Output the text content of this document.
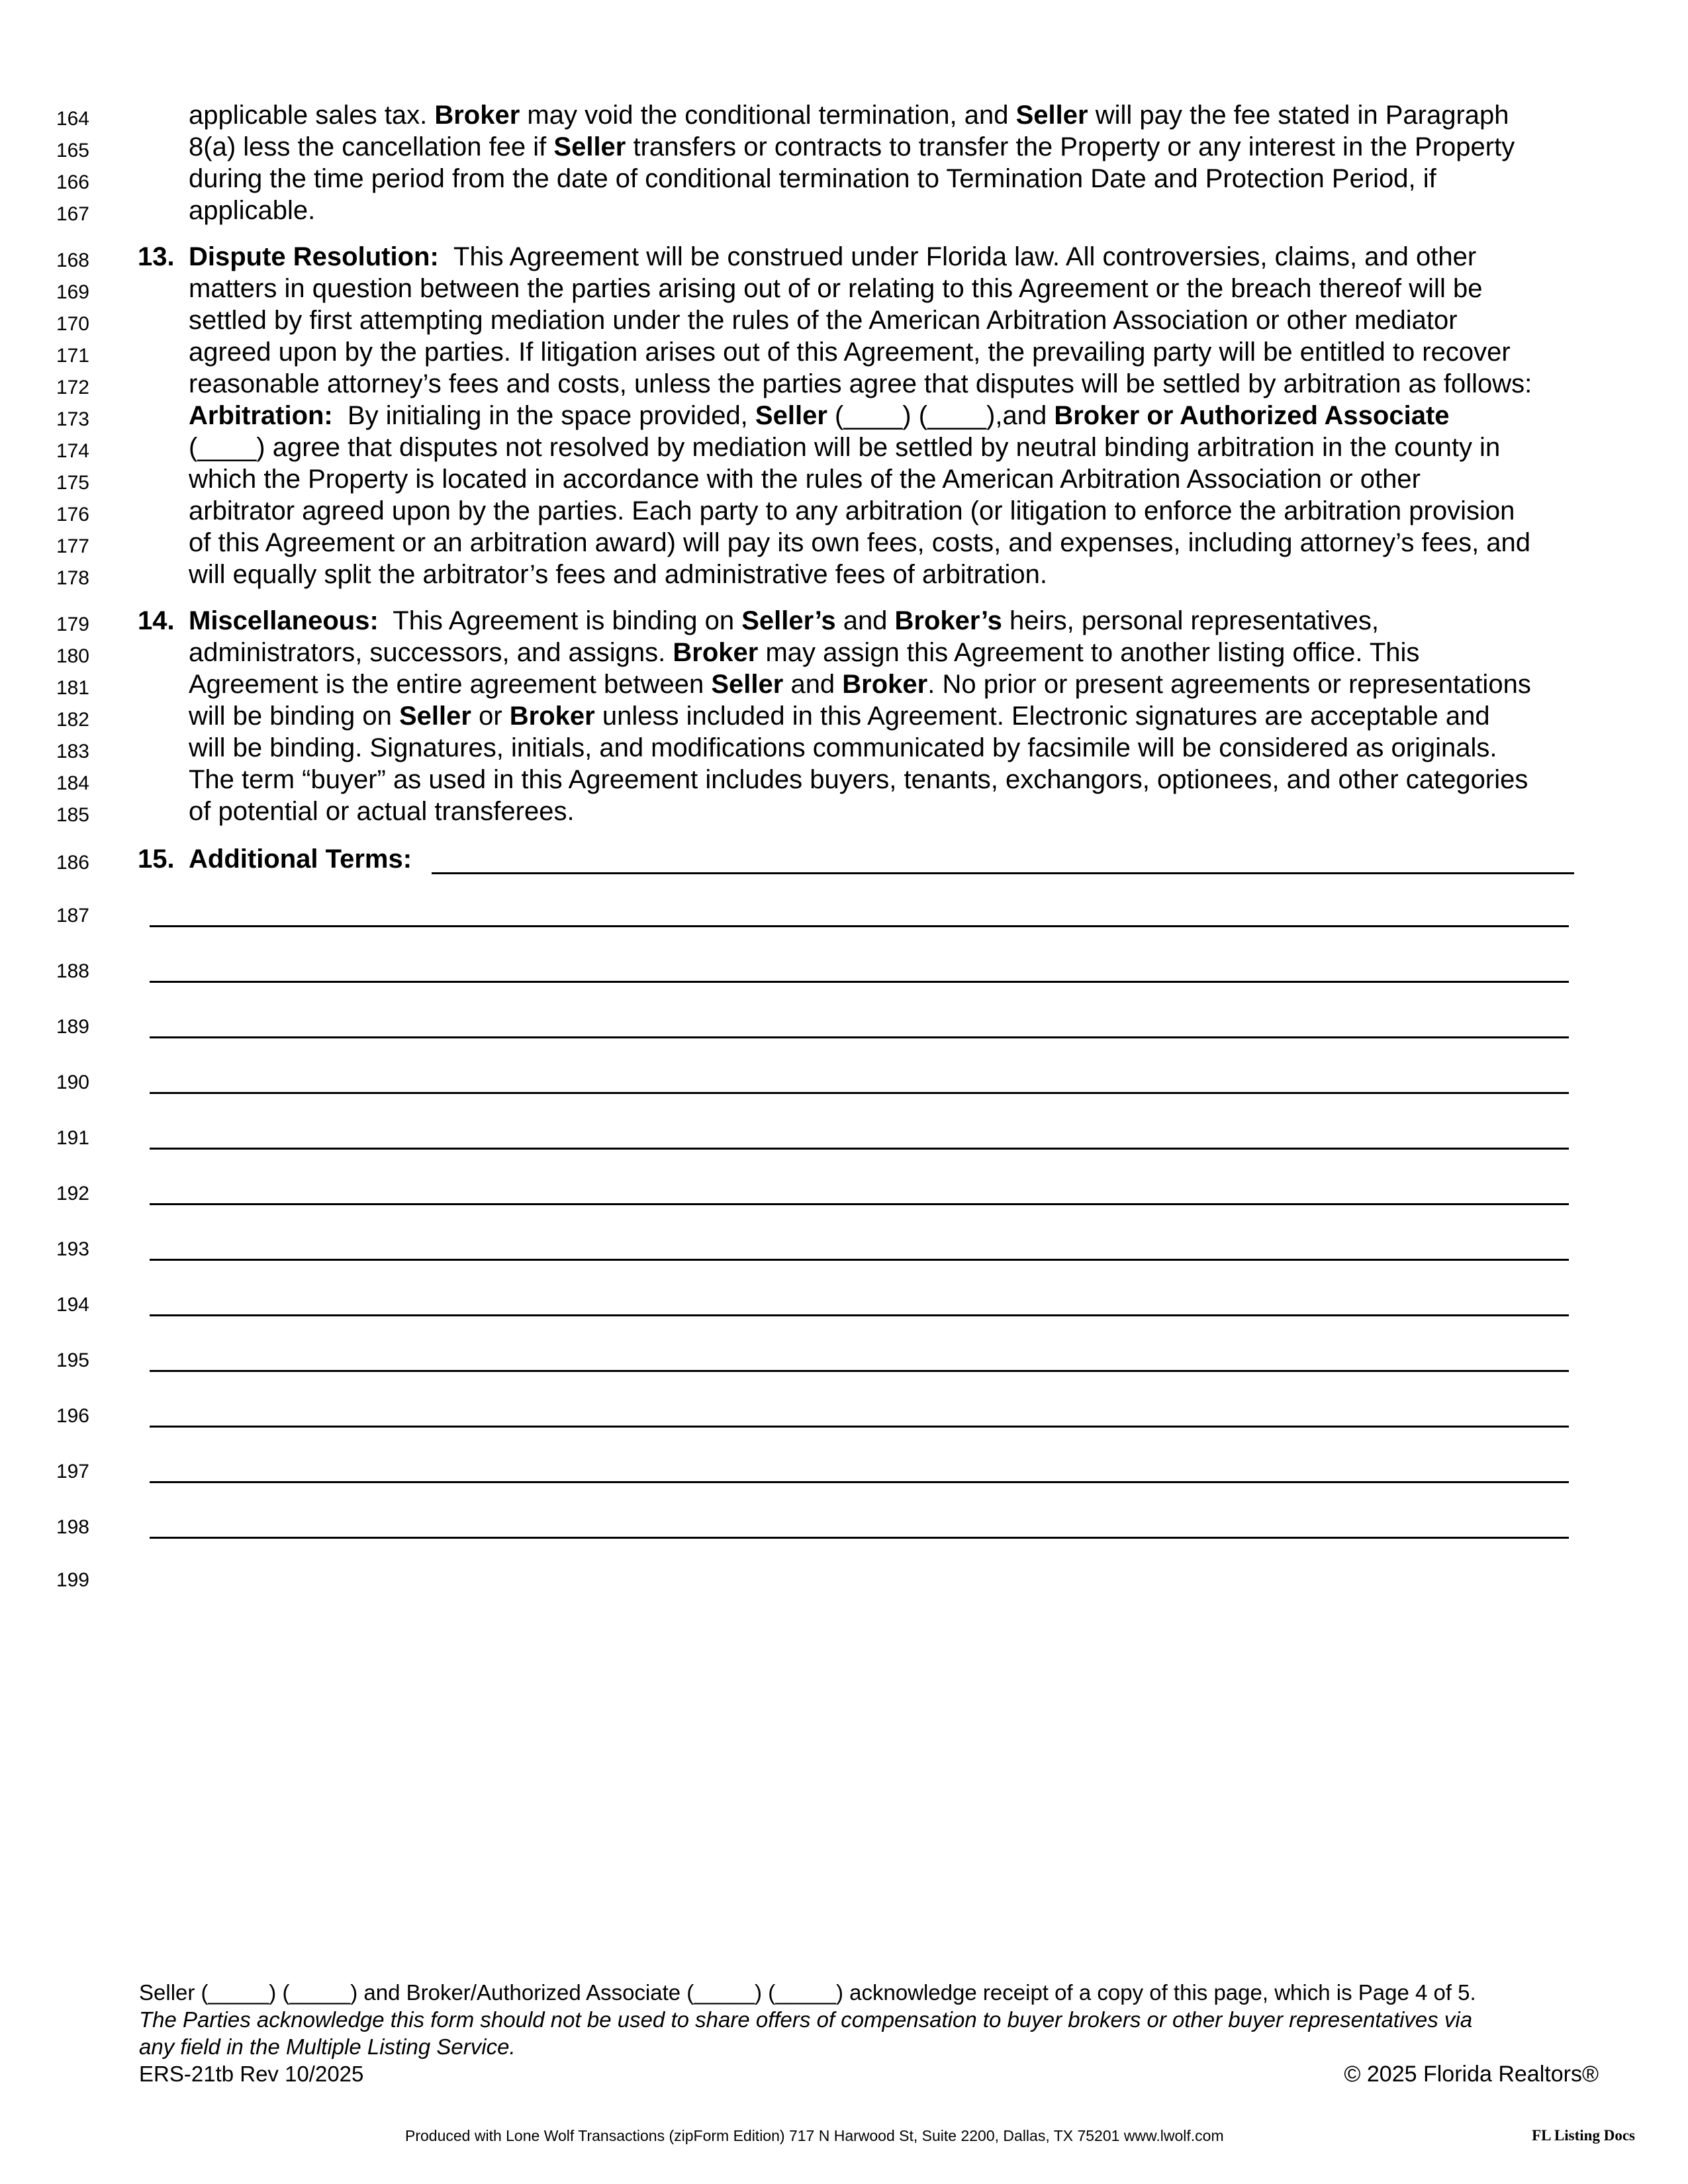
164
165
166
167
168
169
170
171
172
173
174
175
176
177
178
179
180
181
182
183
184
185
186
187
188
189
190
191
192
193
194
195
196
197
198
199
applicable sales tax. Broker may void the conditional termination, and Seller will pay the fee stated in Paragraph
8(a) less the cancellation fee if Seller transfers or contracts to transfer the Property or any interest in the Property
during the time period from the date of conditional termination to Termination Date and Protection Period, if
applicable.
13. Dispute Resolution: This Agreement will be construed under Florida law. All controversies, claims, and other
matters in question between the parties arising out of or relating to this Agreement or the breach thereof will be
settled by first attempting mediation under the rules of the American Arbitration Association or other mediator
agreed upon by the parties. If litigation arises out of this Agreement, the prevailing party will be entitled to recover
reasonable attorney’s fees and costs, unless the parties agree that disputes will be settled by arbitration as follows:
Arbitration:  By initialing in the space provided, Seller (____) (____),and Broker or Authorized Associate
(____) agree that disputes not resolved by mediation will be settled by neutral binding arbitration in the county in
which the Property is located in accordance with the rules of the American Arbitration Association or other
arbitrator agreed upon by the parties. Each party to any arbitration (or litigation to enforce the arbitration provision
of this Agreement or an arbitration award) will pay its own fees, costs, and expenses, including attorney’s fees, and
will equally split the arbitrator’s fees and administrative fees of arbitration.
14. Miscellaneous:  This Agreement is binding on Seller’s and Broker’s heirs, personal representatives,
administrators, successors, and assigns. Broker may assign this Agreement to another listing office. This
Agreement is the entire agreement between Seller and Broker. No prior or present agreements or representations
will be binding on Seller or Broker unless included in this Agreement. Electronic signatures are acceptable and
will be binding. Signatures, initials, and modifications communicated by facsimile will be considered as originals.
The term “buyer” as used in this Agreement includes buyers, tenants, exchangors, optionees, and other categories
of potential or actual transferees.
15. Additional Terms:
Seller (_____) (_____) and Broker/Authorized Associate (_____) (_____) acknowledge receipt of a copy of this page, which is Page 4 of 5.
The Parties acknowledge this form should not be used to share offers of compensation to buyer brokers or other buyer representatives via
any field in the Multiple Listing Service.
ERS-21tb Rev 10/2025	© 2025 Florida Realtors®
Produced with Lone Wolf Transactions (zipForm Edition) 717 N Harwood St, Suite 2200, Dallas, TX 75201 www.lwolf.com	FL Listing Docs
